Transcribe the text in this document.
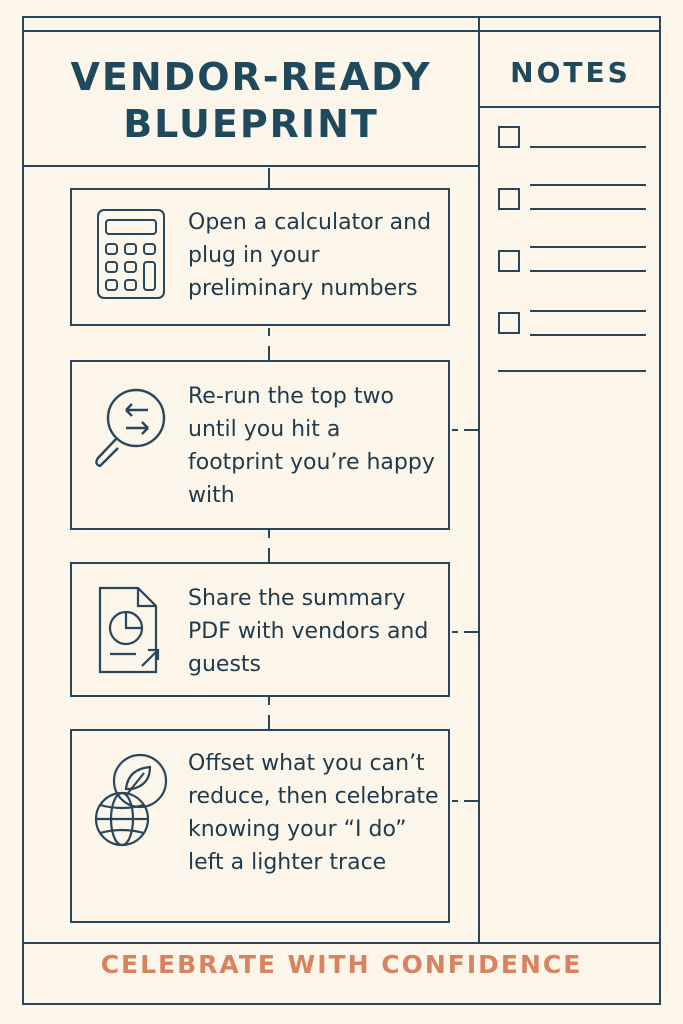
VENDOR-READY
BLUEPRINT
NOTES
Open a calculator and plug in your preliminary numbers
Re-run the top two until you hit a footprint you’re happy with
Share the summary PDF with vendors and guests
Offset what you can’t reduce, then celebrate knowing your “I do” left a lighter trace
CELEBRATE WITH CONFIDENCE
